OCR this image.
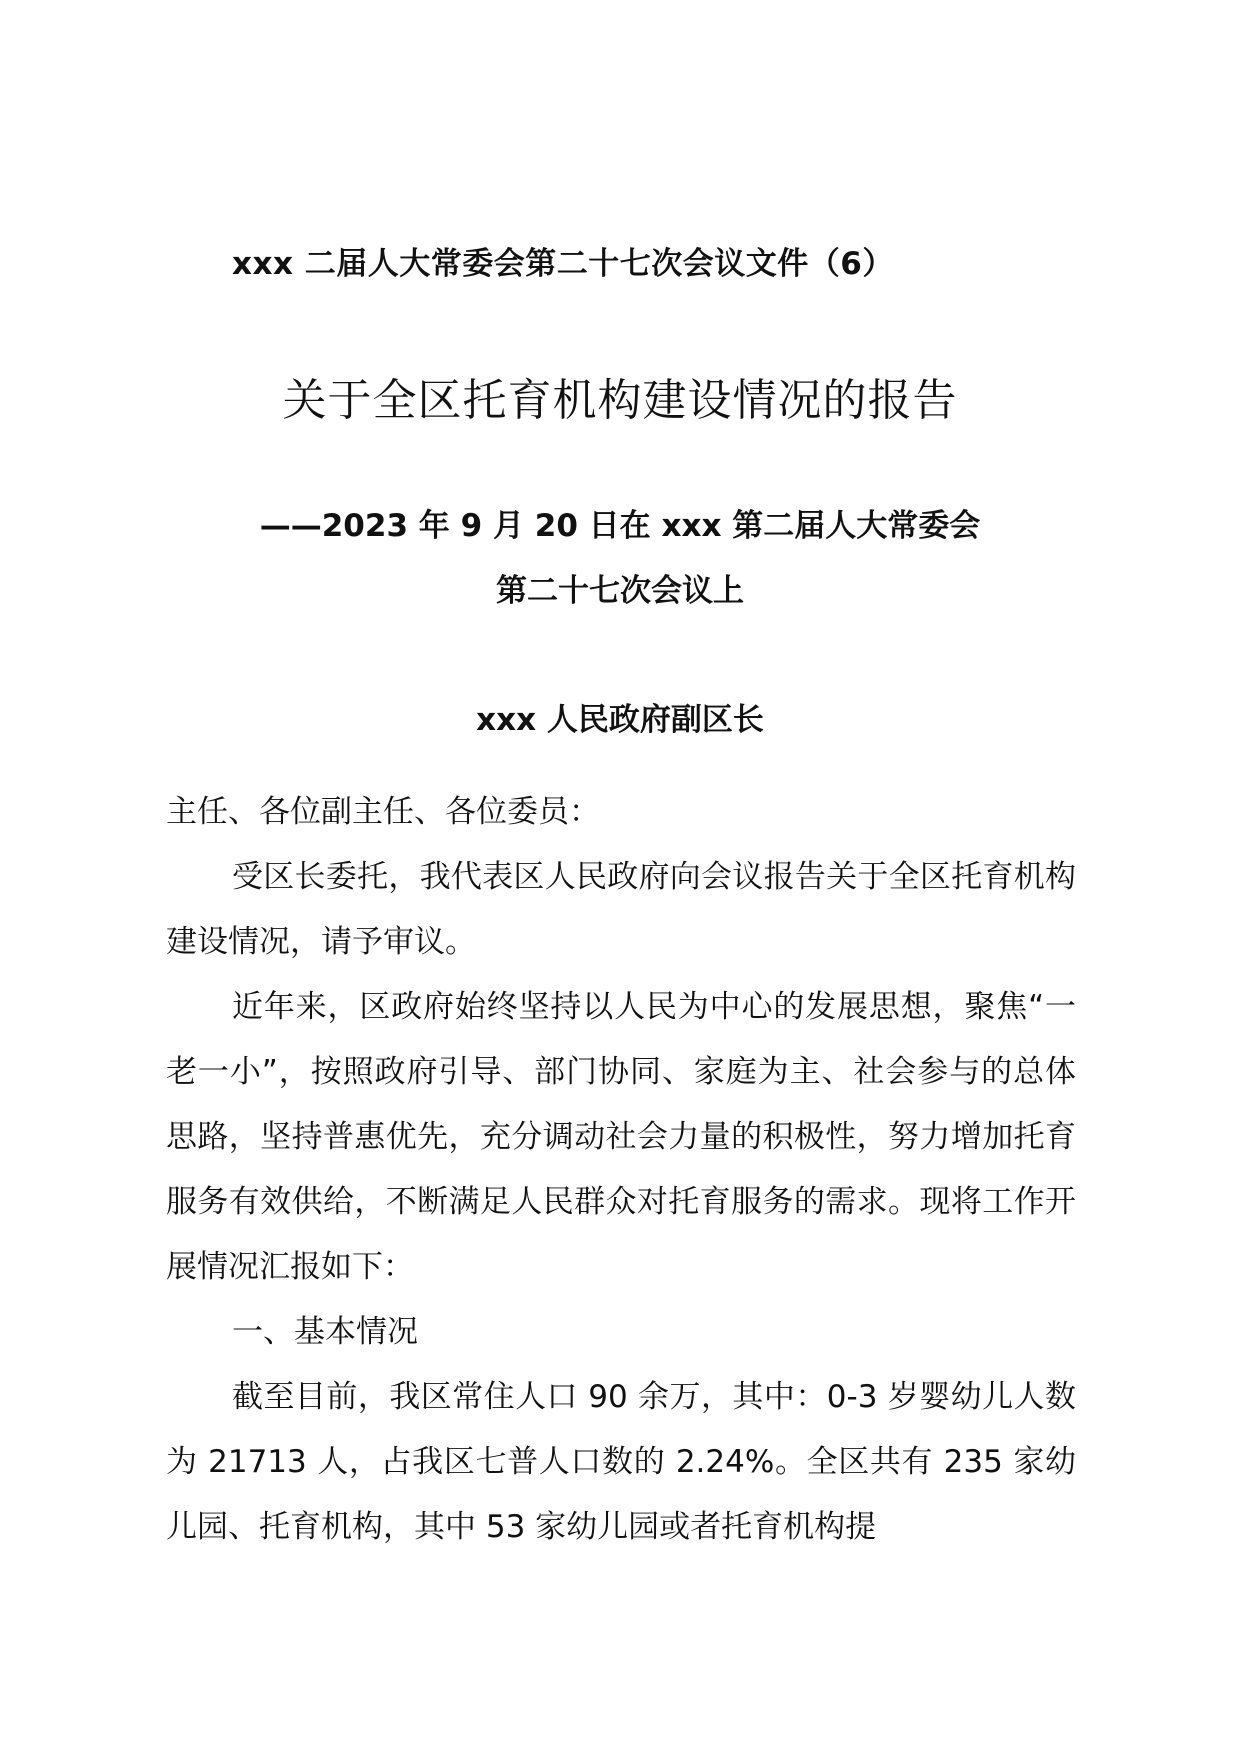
xxx 二届人大常委会第二十七次会议文件（6）
关于全区托育机构建设情况的报告
——2023 年 9 月 20 日在 xxx 第二届人大常委会
第二十七次会议上
xxx 人民政府副区长

主任、各位副主任、各位委员：

受区长委托，我代表区人民政府向会议报告关于全区托育机构建设情况，请予审议。

近年来，区政府始终坚持以人民为中心的发展思想，聚焦“一老一小”，按照政府引导、部门协同、家庭为主、社会参与的总体思路，坚持普惠优先，充分调动社会力量的积极性，努力增加托育服务有效供给，不断满足人民群众对托育服务的需求。现将工作开展情况汇报如下：

一、基本情况

截至目前，我区常住人口 90 余万，其中：0-3 岁婴幼儿人数为 21713 人，占我区七普人口数的 2.24%。全区共有 235 家幼儿园、托育机构，其中 53 家幼儿园或者托育机构提
